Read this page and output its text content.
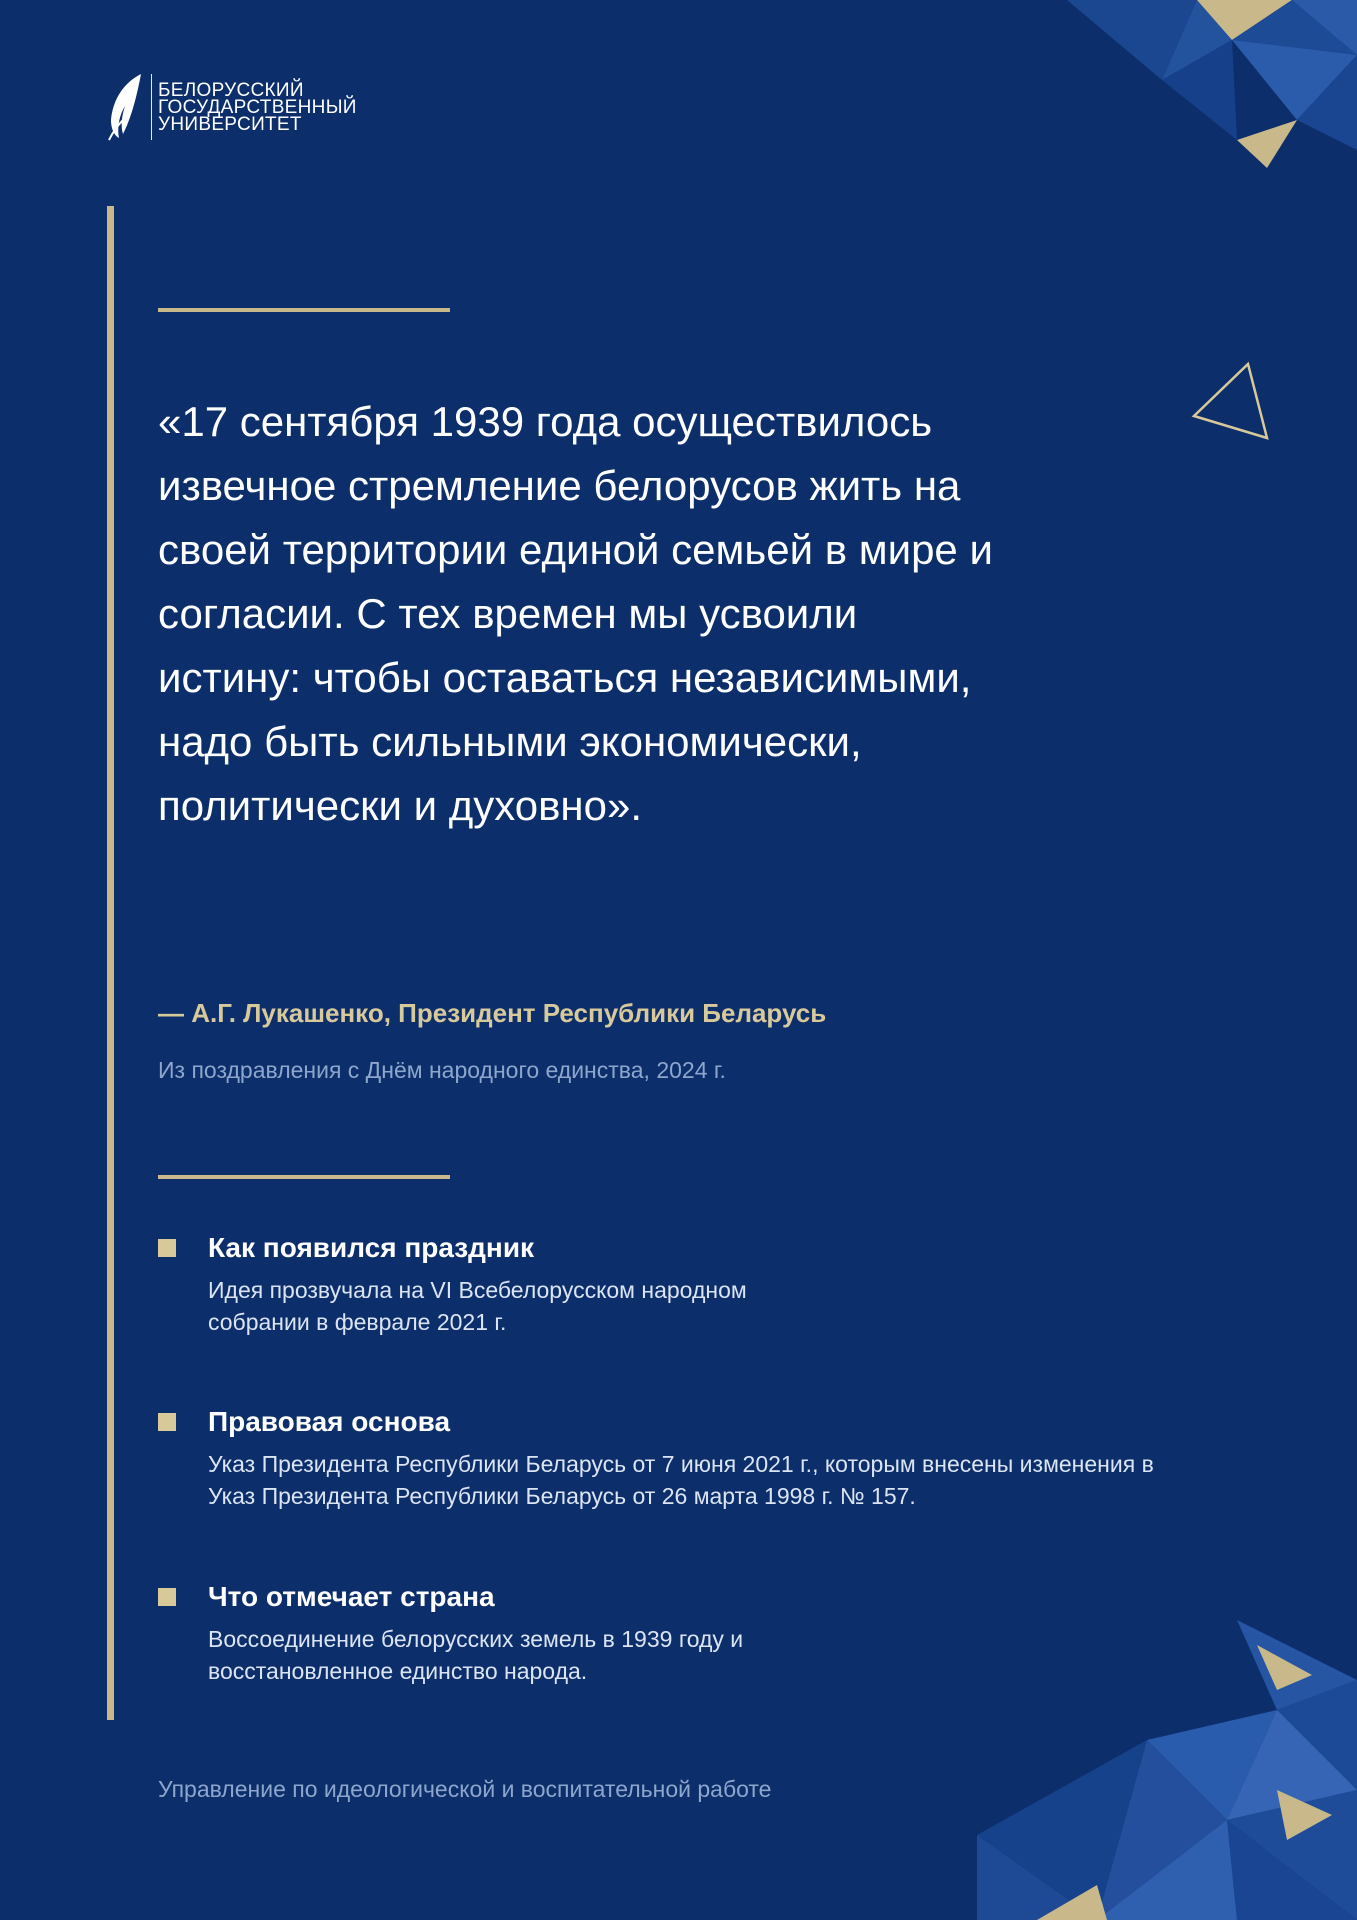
БЕЛОРУССКИЙ
ГОСУДАРСТВЕННЫЙ
УНИВЕРСИТЕТ

«17 сентября 1939 года осуществилось

извечное стремление белорусов жить на

своей территории единой семьей в мире и

согласии. С тех времен мы усвоили

истину: чтобы оставаться независимыми,

надо быть сильными экономически,

политически и духовно».

— А.Г. Лукашенко, Президент Республики Беларусь
Из поздравления с Днём народного единства, 2024 г.
Как появился праздник
Идея прозвучала на VI Всебелорусском народном
собрании в феврале 2021 г.
Правовая основа
Указ Президента Республики Беларусь от 7 июня 2021 г., которым внесены изменения в
Указ Президента Республики Беларусь от 26 марта 1998 г. № 157.
Что отмечает страна
Воссоединение белорусских земель в 1939 году и
восстановленное единство народа.
Управление по идеологической и воспитательной работе
